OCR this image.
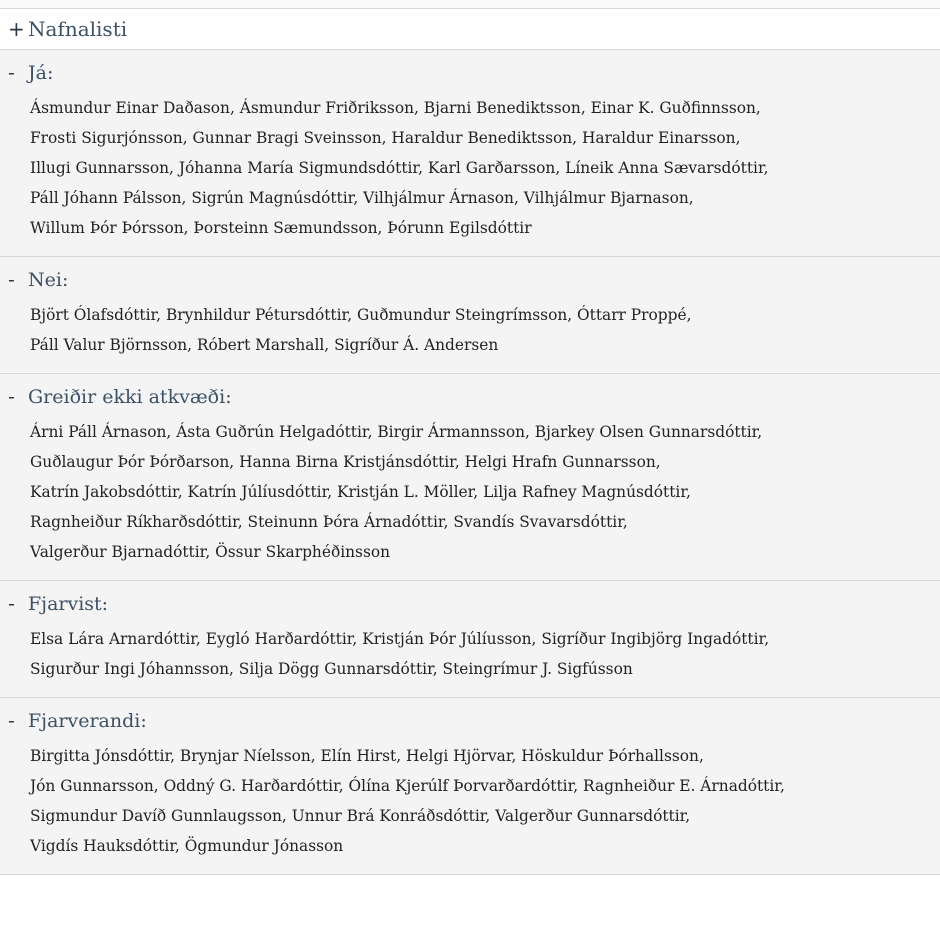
+ Nafnalisti
- Já:
Ásmundur Einar Daðason, Ásmundur Friðriksson, Bjarni Benediktsson, Einar K. Guðfinnsson,
Frosti Sigurjónsson, Gunnar Bragi Sveinsson, Haraldur Benediktsson, Haraldur Einarsson,
Illugi Gunnarsson, Jóhanna María Sigmundsdóttir, Karl Garðarsson, Líneik Anna Sævarsdóttir,
Páll Jóhann Pálsson, Sigrún Magnúsdóttir, Vilhjálmur Árnason, Vilhjálmur Bjarnason,
Willum Þór Þórsson, Þorsteinn Sæmundsson, Þórunn Egilsdóttir
- Nei:
Björt Ólafsdóttir, Brynhildur Pétursdóttir, Guðmundur Steingrímsson, Óttarr Proppé,
Páll Valur Björnsson, Róbert Marshall, Sigríður Á. Andersen
- Greiðir ekki atkvæði:
Árni Páll Árnason, Ásta Guðrún Helgadóttir, Birgir Ármannsson, Bjarkey Olsen Gunnarsdóttir,
Guðlaugur Þór Þórðarson, Hanna Birna Kristjánsdóttir, Helgi Hrafn Gunnarsson,
Katrín Jakobsdóttir, Katrín Júlíusdóttir, Kristján L. Möller, Lilja Rafney Magnúsdóttir,
Ragnheiður Ríkharðsdóttir, Steinunn Þóra Árnadóttir, Svandís Svavarsdóttir,
Valgerður Bjarnadóttir, Össur Skarphéðinsson
- Fjarvist:
Elsa Lára Arnardóttir, Eygló Harðardóttir, Kristján Þór Júlíusson, Sigríður Ingibjörg Ingadóttir,
Sigurður Ingi Jóhannsson, Silja Dögg Gunnarsdóttir, Steingrímur J. Sigfússon
- Fjarverandi:
Birgitta Jónsdóttir, Brynjar Níelsson, Elín Hirst, Helgi Hjörvar, Höskuldur Þórhallsson,
Jón Gunnarsson, Oddný G. Harðardóttir, Ólína Kjerúlf Þorvarðardóttir, Ragnheiður E. Árnadóttir,
Sigmundur Davíð Gunnlaugsson, Unnur Brá Konráðsdóttir, Valgerður Gunnarsdóttir,
Vigdís Hauksdóttir, Ögmundur Jónasson
